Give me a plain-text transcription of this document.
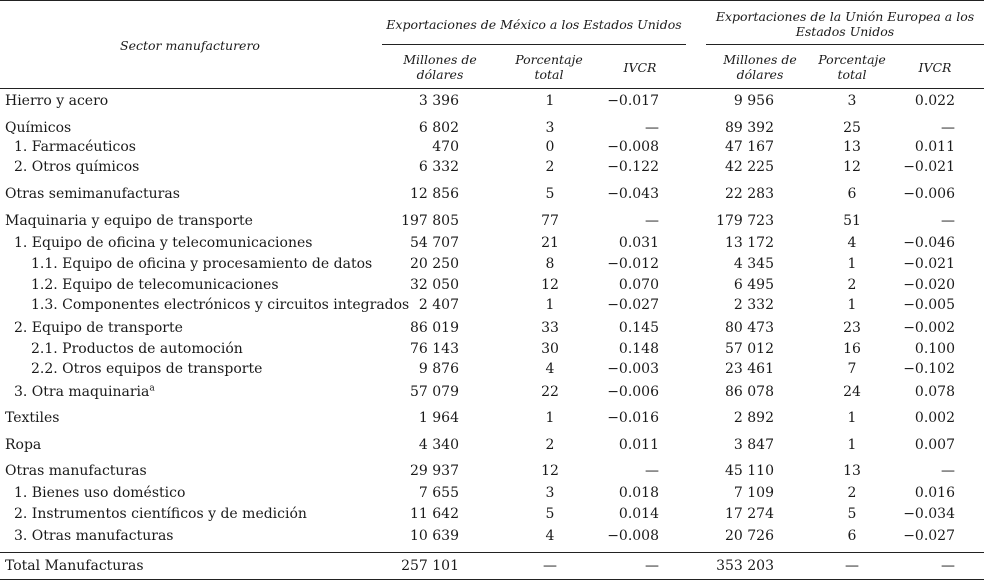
Sector manufacturero
Exportaciones de México a los Estados Unidos
Exportaciones de la Unión Europea a los Estados Unidos
Millones de dólares
Porcentaje total	IVCR
Millones de dólares
Porcentaje total	IVCR
Hierro y acero	3 396	1	−0.017	9 956	3	0.022
Químicos	6 802	3	—	89 392	25	—
1. Farmacéuticos	470	0	−0.008	47 167	13	0.011
2. Otros químicos	6 332	2	−0.122	42 225	12	−0.021
Otras semimanufacturas	12 856	5	−0.043	22 283	6	−0.006
Maquinaria y equipo de transporte	197 805	77	—	179 723	51	—
1. Equipo de oficina y telecomunicaciones	54 707	21	0.031	13 172	4	−0.046
1.1. Equipo de oficina y procesamiento de datos	20 250	8	−0.012	4 345	1	−0.021
1.2. Equipo de telecomunicaciones	32 050	12	0.070	6 495	2	−0.020
1.3. Componentes electrónicos y circuitos integrados 2 407	1	−0.027	2 332	1	−0.005
2. Equipo de transporte	86 019	33	0.145	80 473	23	−0.002
2.1. Productos de automoción	76 143	30	0.148	57 012	16	0.100
2.2. Otros equipos de transporte	9 876	4	−0.003	23 461	7	−0.102
3. Otra maquinaria$^a$	57 079	22	−0.006	86 078	24	0.078
Textiles	1 964	1	−0.016	2 892	1	0.002
Ropa	4 340	2	0.011	3 847	1	0.007
Otras manufacturas	29 937	12	—	45 110	13	—
1. Bienes uso doméstico	7 655	3	0.018	7 109	2	0.016
2. Instrumentos científicos y de medición	11 642	5	0.014	17 274	5	−0.034
3. Otras manufacturas	10 639	4	−0.008	20 726	6	−0.027
Total Manufacturas	257 101	—	—	353 203	—	—
